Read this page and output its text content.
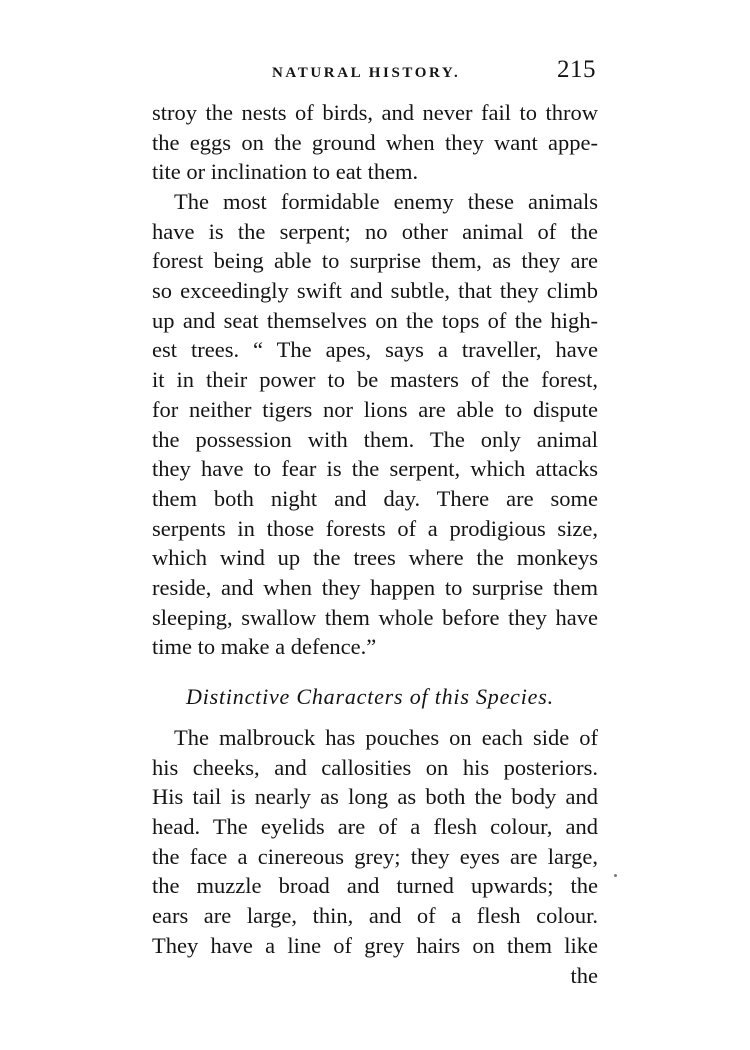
NATURAL HISTORY.	215
stroy the nests of birds, and never fail to throw
the eggs on the ground when they want appe-
tite or inclination to eat them.
The most formidable enemy these animals
have is the serpent; no other animal of the
forest being able to surprise them, as they are
so exceedingly swift and subtle, that they climb
up and seat themselves on the tops of the high-
est trees. “ The apes, says a traveller, have
it in their power to be masters of the forest,
for neither tigers nor lions are able to dispute
the possession with them. The only animal
they have to fear is the serpent, which attacks
them both night and day. There are some
serpents in those forests of a prodigious size,
which wind up the trees where the monkeys
reside, and when they happen to surprise them
sleeping, swallow them whole before they have
time to make a defence.”
Distinctive Characters of this Species.
The malbrouck has pouches on each side of
his cheeks, and callosities on his posteriors.
His tail is nearly as long as both the body and
head. The eyelids are of a flesh colour, and
the face a cinereous grey; they eyes are large,
the muzzle broad and turned upwards; the
ears are large, thin, and of a flesh colour.
They have a line of grey hairs on them like
the
